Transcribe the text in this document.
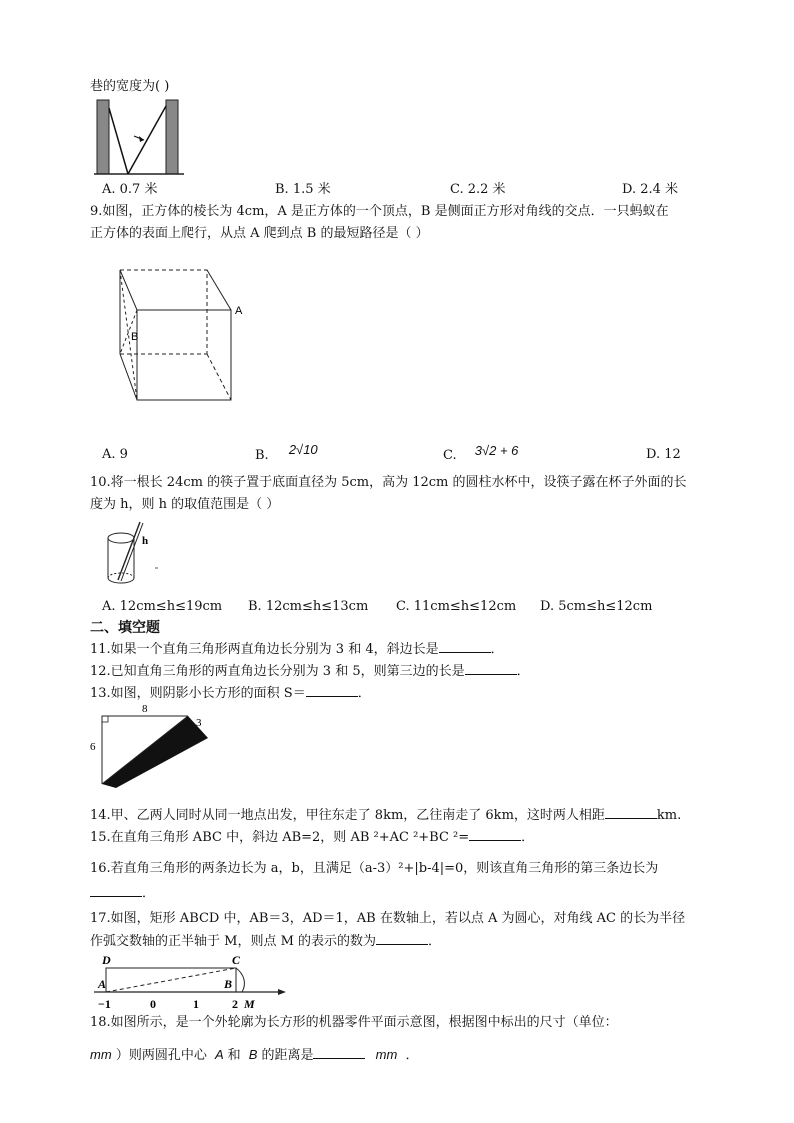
巷的宽度为( )
A. 0.7 米	B. 1.5 米	C. 2.2 米	D. 2.4 米
9.如图，正方体的棱长为 4cm，A 是正方体的一个顶点，B 是侧面正方形对角线的交点．一只蚂蚁在
正方体的表面上爬行，从点 A 爬到点 B 的最短路径是（ ）
B
A
A. 9	B. 2√10	C. 3√2 + 6	D. 12
10.将一根长 24cm 的筷子置于底面直径为 5cm，高为 12cm 的圆柱水杯中，设筷子露在杯子外面的长
度为 h，则 h 的取值范围是（ ）
h
A. 12cm≤h≤19cm B. 12cm≤h≤13cm C. 11cm≤h≤12cm D. 5cm≤h≤12cm
二、填空题
11.如果一个直角三角形两直角边长分别为 3 和 4，斜边长是	．
12.已知直角三角形的两直角边长分别为 3 和 5，则第三边的长是	．
13.如图，则阴影小长方形的面积 S＝	．
8
3
6
14.甲、乙两人同时从同一地点出发，甲往东走了 8km，乙往南走了 6km，这时两人相距	km.
15.在直角三角形 ABC 中，斜边 AB=2，则 AB ²+AC ²+BC ²=	．
16.若直角三角形的两条边长为 a，b，且满足（a-3）²+|b-4|=0，则该直角三角形的第三条边长为
．
17.如图，矩形 ABCD 中，AB＝3，AD＝1，AB 在数轴上，若以点 A 为圆心，对角线 AC 的长为半径
作弧交数轴的正半轴于 M，则点 M 的表示的数为	．
D	C
A	B
−1	0	1	2 M
18.如图所示，是一个外轮廓为长方形的机器零件平面示意图，根据图中标出的尺寸（单位：
mm ）则两圆孔中心 A 和 B 的距离是	mm ．
